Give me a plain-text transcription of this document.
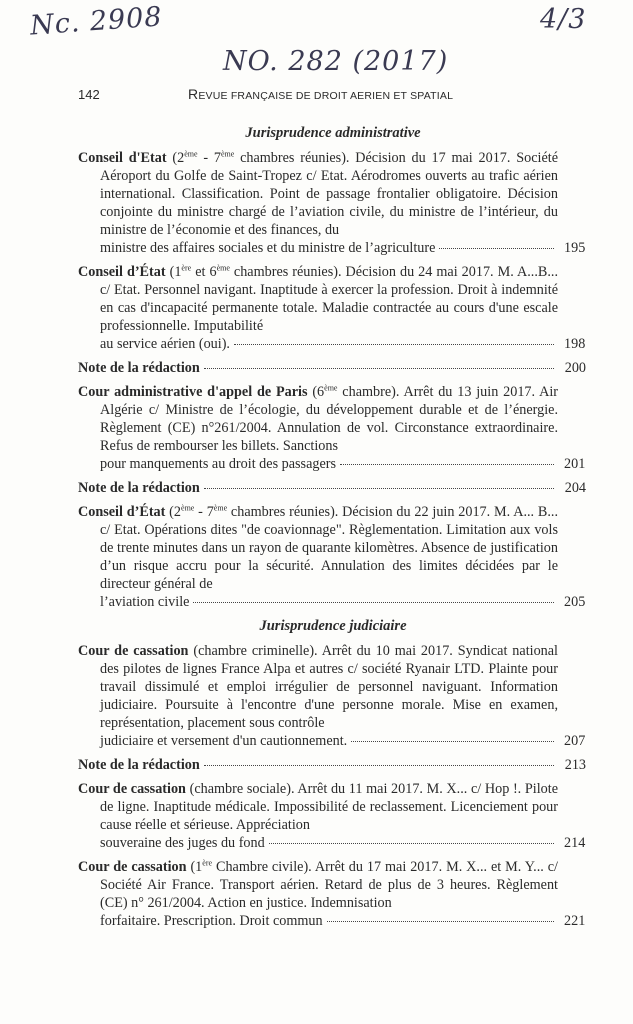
Nc. 2908	4/3
NO. 282 (2017)
142	REVUE FRANÇAISE DE DROIT AERIEN ET SPATIAL
Jurisprudence administrative
Conseil d'Etat (2ème - 7ème chambres réunies). Décision du 17 mai 2017. Société Aéroport du Golfe de Saint-Tropez c/ Etat. Aérodromes ouverts au trafic aérien international. Classification. Point de passage frontalier obligatoire. Décision conjointe du ministre chargé de l’aviation civile, du ministre de l’intérieur, du ministre de l’économie et des finances, du
ministre des affaires sociales et du ministre de l’agriculture	195
Conseil d’État (1ère et 6ème chambres réunies). Décision du 24 mai 2017. M. A...B... c/ Etat. Personnel navigant. Inaptitude à exercer la profession. Droit à indemnité en cas d'incapacité permanente totale. Maladie contractée au cours d'une escale professionnelle. Imputabilité
au service aérien (oui).	198
Note de la rédaction	200
Cour administrative d'appel de Paris (6ème chambre). Arrêt du 13 juin 2017. Air Algérie c/ Ministre de l’écologie, du développement durable et de l’énergie. Règlement (CE) n°261/2004. Annulation de vol. Circonstance extraordinaire. Refus de rembourser les billets. Sanctions
pour manquements au droit des passagers	201
Note de la rédaction	204
Conseil d’État (2ème - 7ème chambres réunies). Décision du 22 juin 2017. M. A... B... c/ Etat. Opérations dites "de coavionnage". Règlementation. Limitation aux vols de trente minutes dans un rayon de quarante kilomètres. Absence de justification d’un risque accru pour la sécurité. Annulation des limites décidées par le directeur général de
l’aviation civile	205
Jurisprudence judiciaire
Cour de cassation (chambre criminelle). Arrêt du 10 mai 2017. Syndicat national des pilotes de lignes France Alpa et autres c/ société Ryanair LTD. Plainte pour travail dissimulé et emploi irrégulier de personnel naviguant. Information judiciaire. Poursuite à l'encontre d'une personne morale. Mise en examen, représentation, placement sous contrôle
judiciaire et versement d'un cautionnement.	207
Note de la rédaction	213
Cour de cassation (chambre sociale). Arrêt du 11 mai 2017. M. X... c/ Hop !. Pilote de ligne. Inaptitude médicale. Impossibilité de reclassement. Licenciement pour cause réelle et sérieuse. Appréciation
souveraine des juges du fond	214
Cour de cassation (1ère Chambre civile). Arrêt du 17 mai 2017. M. X... et M. Y... c/ Société Air France. Transport aérien. Retard de plus de 3 heures. Règlement (CE) n° 261/2004. Action en justice. Indemnisation
forfaitaire. Prescription. Droit commun	221
